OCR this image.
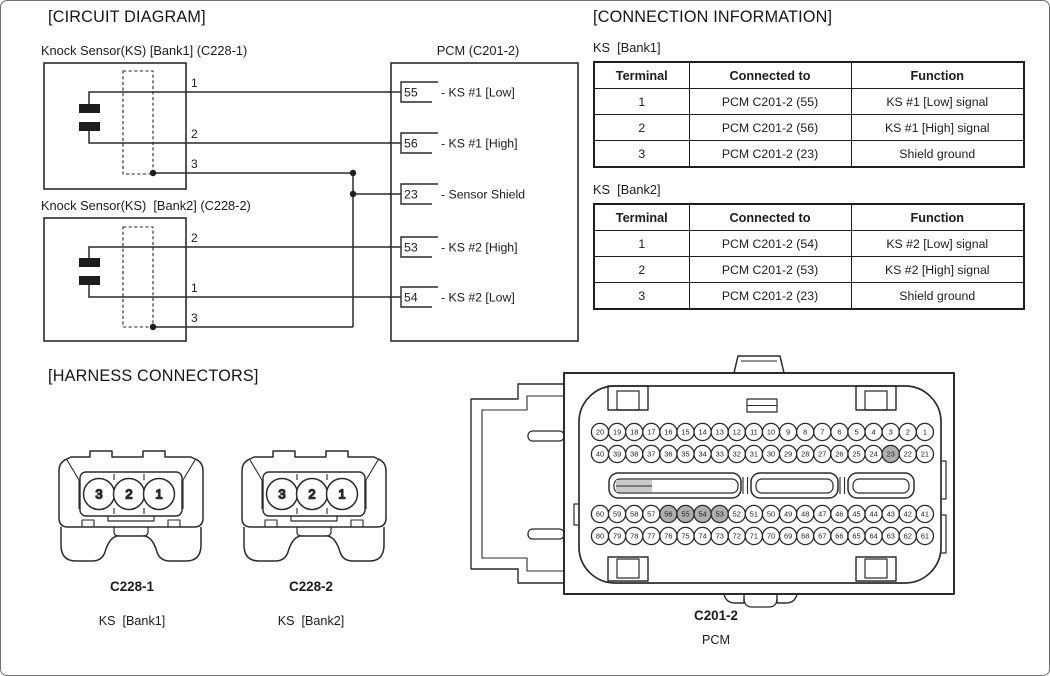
[CIRCUIT DIAGRAM]	[CONNECTION INFORMATION]
[HARNESS CONNECTORS]
Knock Sensor(KS) [Bank1] (C228-1)
Knock Sensor(KS)  [Bank2] (C228-2)
PCM (C201-2)
1
2
3
2
1
3
55 - KS #1 [Low]
56 - KS #1 [High]
23 - Sensor Shield
53 - KS #2 [High]
54 - KS #2 [Low]
KS  [Bank1]
Terminal	Connected to	Function
1	PCM C201-2 (55)	KS #1 [Low] signal
2	PCM C201-2 (56)	KS #1 [High] signal
3	PCM C201-2 (23)	Shield ground
KS  [Bank2]
Terminal	Connected to	Function
1	PCM C201-2 (54)	KS #2 [Low] signal
2	PCM C201-2 (53)	KS #2 [High] signal
3	PCM C201-2 (23)	Shield ground
3 2 1	3 2 1
C228-1
KS  [Bank1]
C228-2
KS  [Bank2]
20 19 18 17 16 15 14 13 12 11 10 9 8 7 6 5 4 3 2 1
40 39 38 37 36 35 34 33 32 31 30 29 28 27 26 25 24 23 22 21
60 59 58 57 56 55 54 53 52 51 50 49 48 47 46 45 44 43 42 41
80 79 78 77 76 75 74 73 72 71 70 69 68 67 66 65 64 63 62 61
C201-2
PCM
